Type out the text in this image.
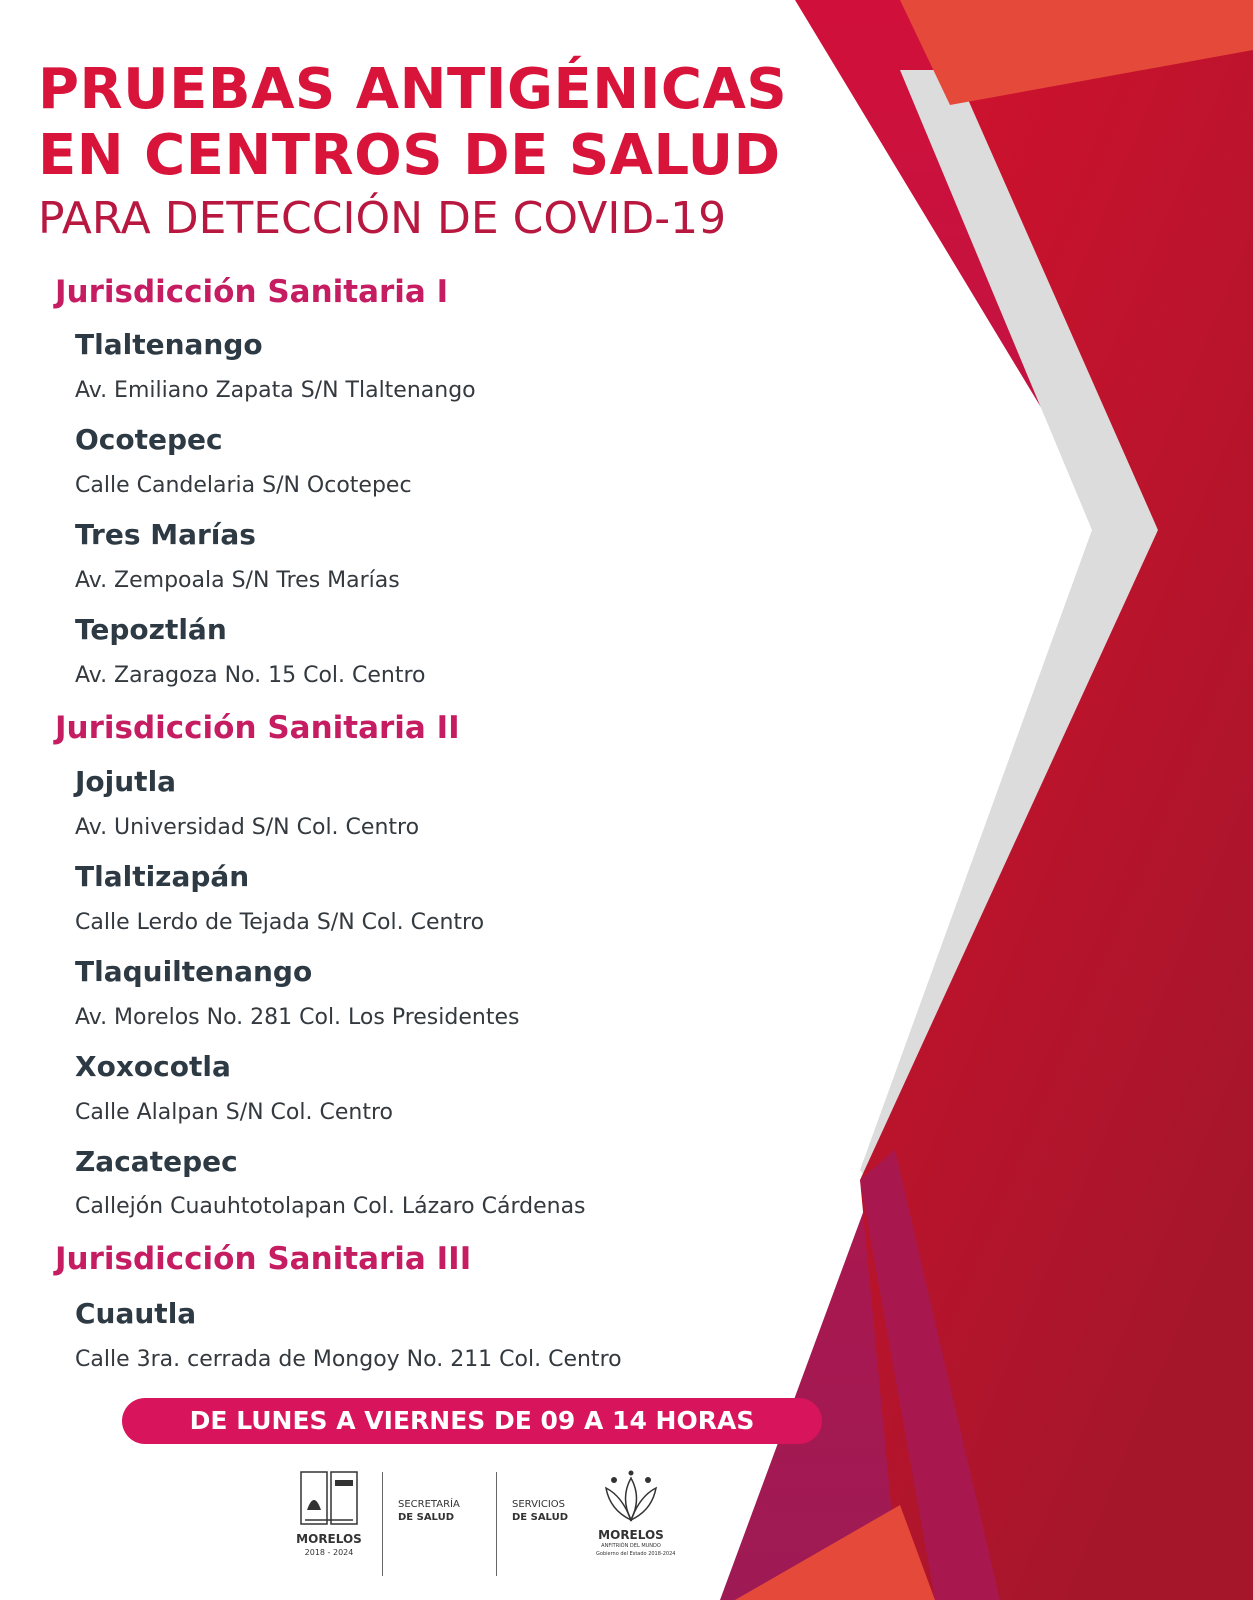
PRUEBAS ANTIGÉNICAS
EN CENTROS DE SALUD
PARA DETECCIÓN DE COVID-19
Jurisdicción Sanitaria I
Tlaltenango
Av. Emiliano Zapata S/N Tlaltenango
Ocotepec
Calle Candelaria S/N Ocotepec
Tres Marías
Av. Zempoala S/N Tres Marías
Tepoztlán
Av. Zaragoza No. 15 Col. Centro
Jurisdicción Sanitaria II
Jojutla
Av. Universidad S/N Col. Centro
Tlaltizapán
Calle Lerdo de Tejada S/N Col. Centro
Tlaquiltenango
Av. Morelos No. 281 Col. Los Presidentes
Xoxocotla
Calle Alalpan S/N Col. Centro
Zacatepec
Callejón Cuauhtotolapan Col. Lázaro Cárdenas
Jurisdicción Sanitaria III
Cuautla
Calle 3ra. cerrada de Mongoy No. 211 Col. Centro
DE LUNES A VIERNES DE 09 A 14 HORAS
MORELOS
2018 - 2024
SECRETARÍA
DE SALUD
SERVICIOS
DE SALUD
MORELOS
ANFITRIÓN DEL MUNDO
Gobierno del Estado 2018-2024
